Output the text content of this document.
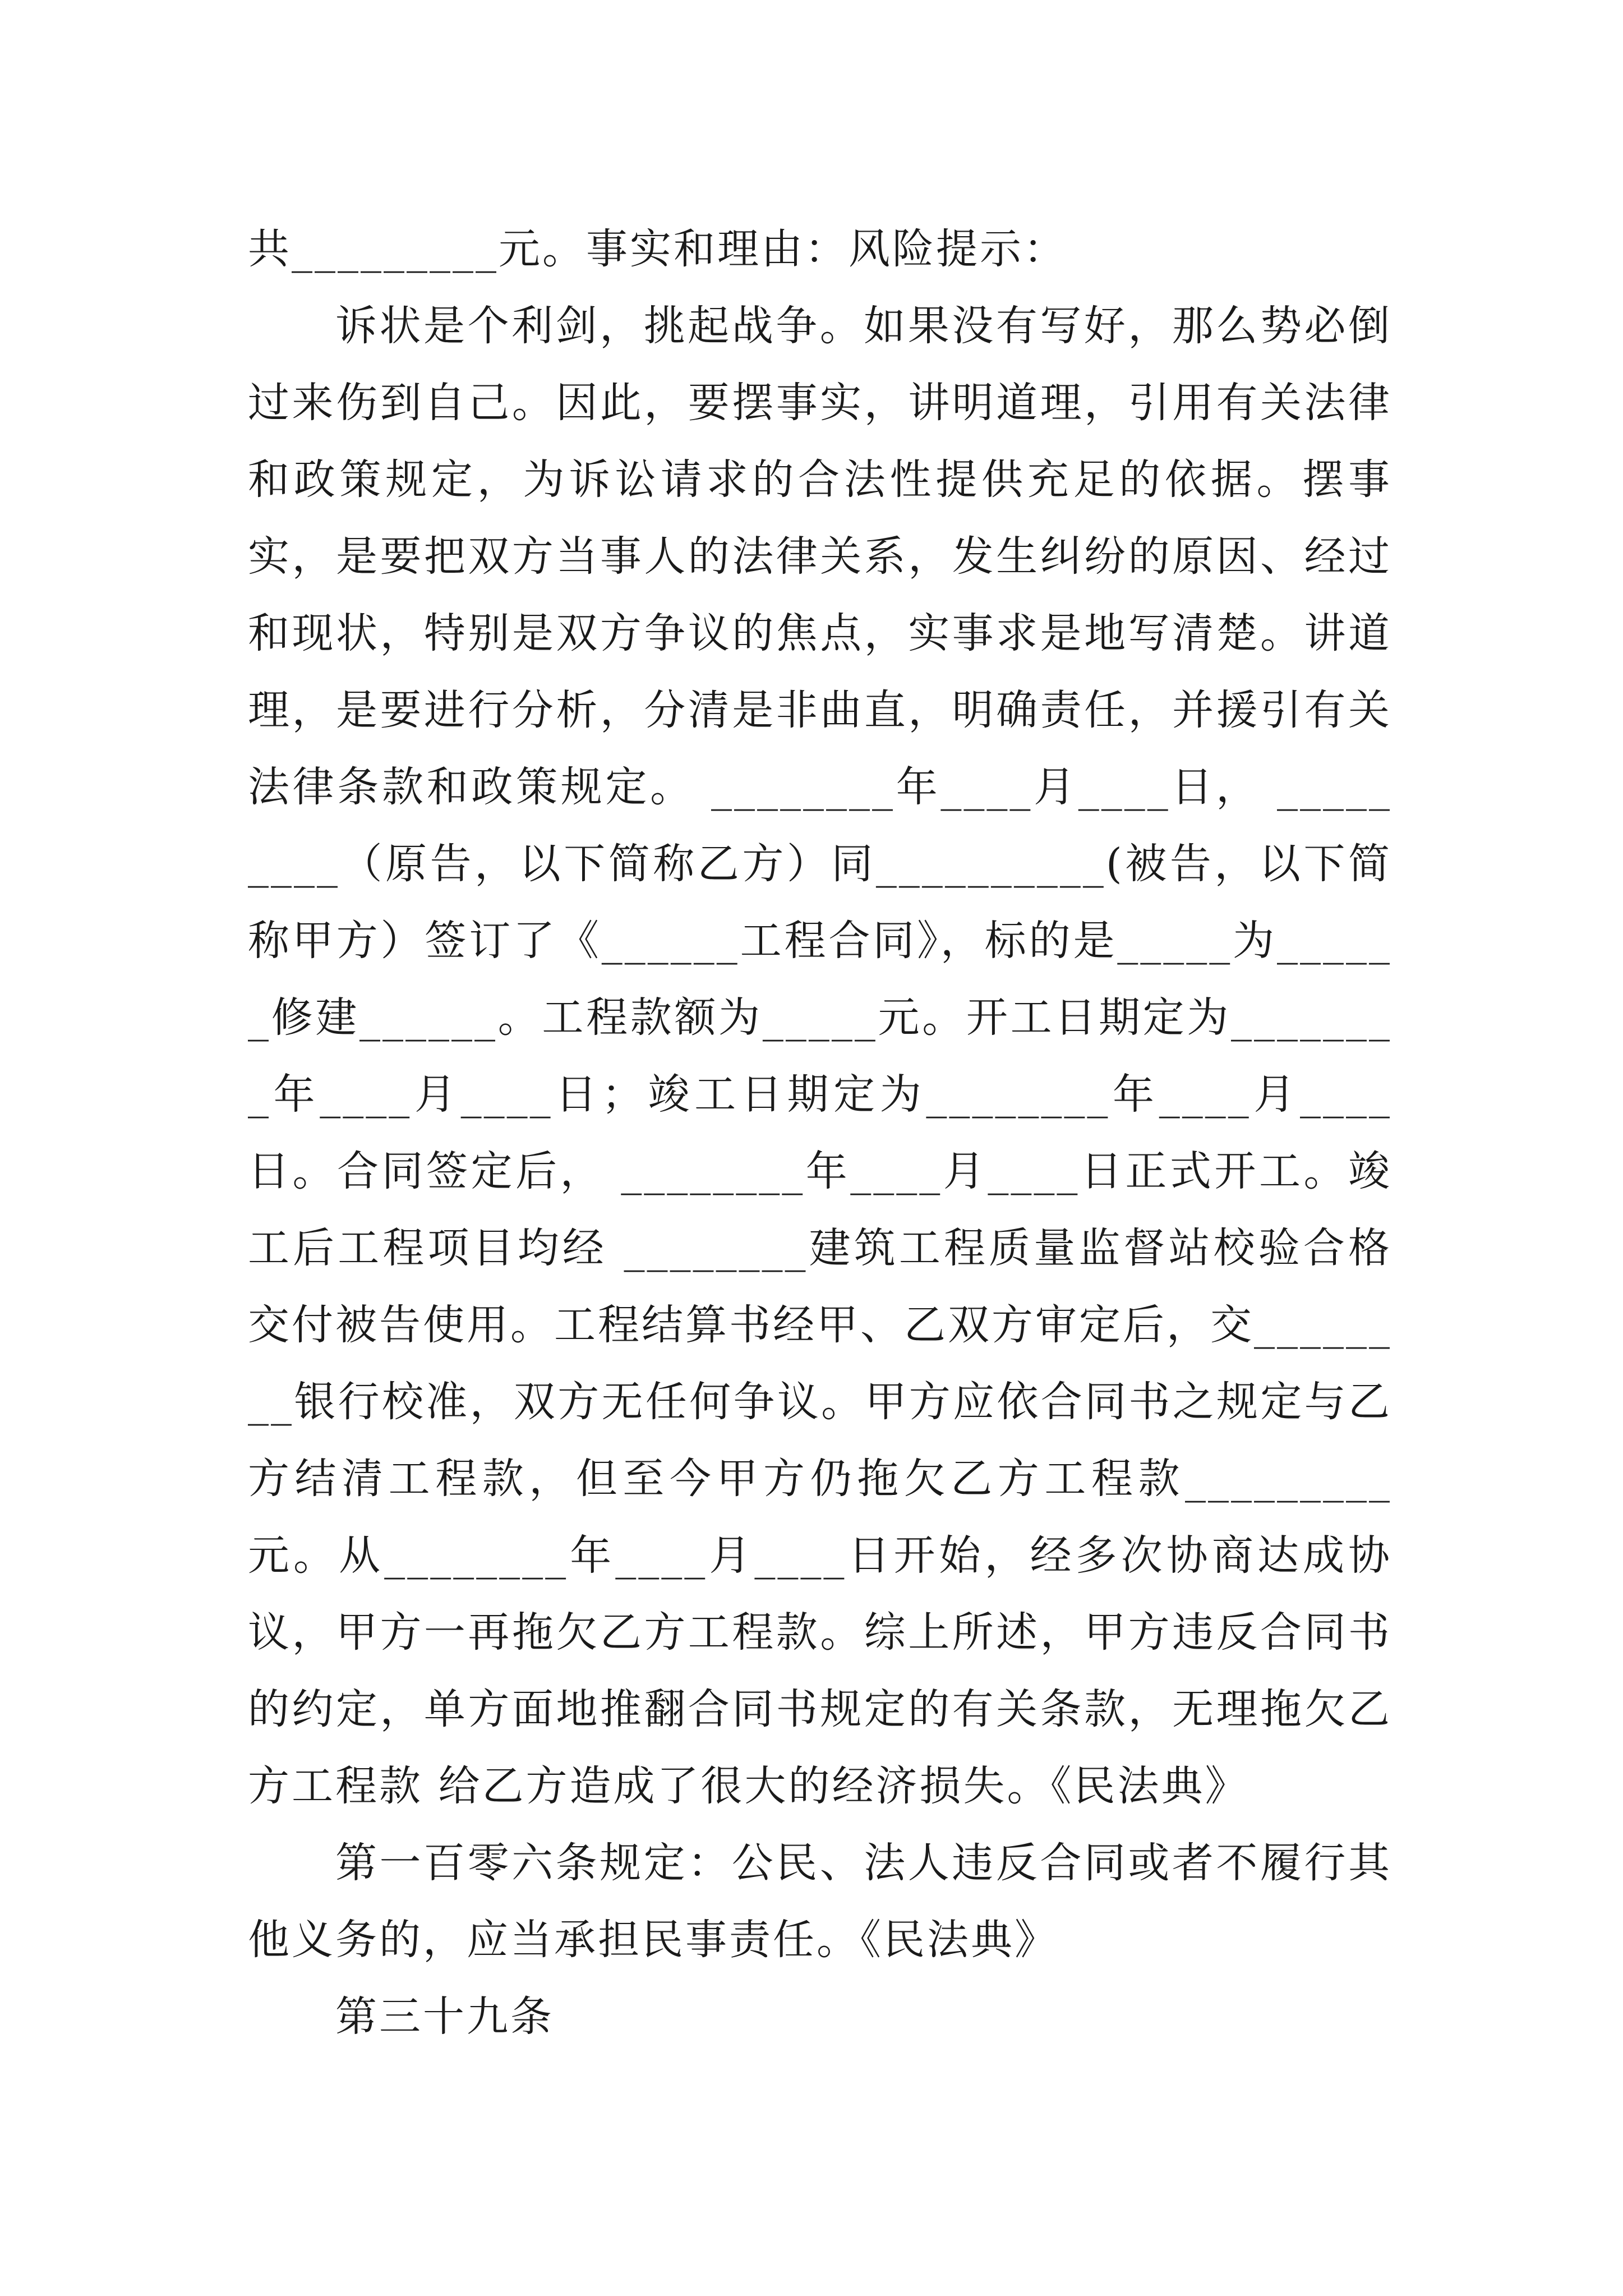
共_________元。事实和理由：风险提示：

诉状是个利剑，挑起战争。如果没有写好，那么势必倒过来伤到自己。因此，要摆事实，讲明道理，引用有关法律和政策规定，为诉讼请求的合法性提供充足的依据。摆事实，是要把双方当事人的法律关系，发生纠纷的原因、经过和现状，特别是双方争议的焦点，实事求是地写清楚。讲道理，是要进行分析，分清是非曲直，明确责任，并援引有关法律条款和政策规定。 ________年____月____日， _________（原告，以下简称乙方）同__________(被告，以下简称甲方）签订了《______工程合同》，标的是_____为______修建______。工程款额为_____元。开工日期定为________年____月____日；竣工日期定为________年____月____日。合同签定后， ________年____月____日正式开工。竣工后工程项目均经 ________建筑工程质量监督站校验合格交付被告使用。工程结算书经甲、乙双方审定后，交________银行校准，双方无任何争议。甲方应依合同书之规定与乙方结清工程款，但至今甲方仍拖欠乙方工程款_________元。从________年____月____日开始，经多次协商达成协议，甲方一再拖欠乙方工程款。综上所述，甲方违反合同书的约定，单方面地推翻合同书规定的有关条款，无理拖欠乙方工程款 给乙方造成了很大的经济损失。《民法典》

第一百零六条规定：公民、法人违反合同或者不履行其他义务的，应当承担民事责任。《民法典》

第三十九条
